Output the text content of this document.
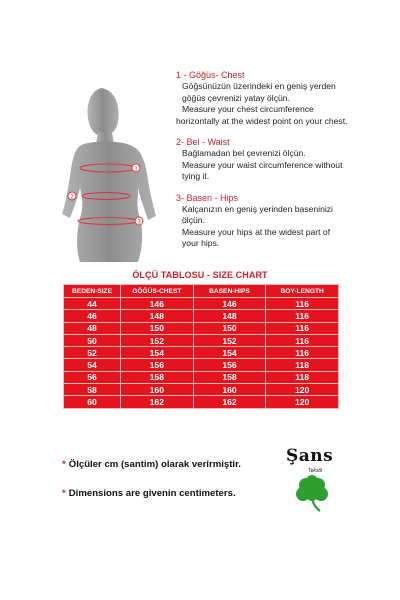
1
2
3
1 - Göğüs- Chest
Göğsünüzün üzerindeki en geniş yerden
göğüs çevrenizi yatay ölçün.
Measure your chest circumference
horizontally at the widest point on your chest.
2- Bel - Waist
Bağlamadan bel çevrenizi ölçün.
Measure your waist circumference without
tying it.
3- Basen - Hips
Kalçanızın en geniş yerinden baseninizi
ölçün.
Measure your hips at the widest part of
your hips.
ÖLÇÜ TABLOSU - SIZE CHART
BEDEN-SIZE	GÖĞÜS-CHEST	BASEN-HIPS	BOY-LENGTH
44	146	146	116
46	148	148	116
48	150	150	116
50	152	152	116
52	154	154	116
54	156	156	118
56	158	158	118
58	160	160	120
60	162	162	120
* Ölçüler cm (santim) olarak verirmiştir.
* Dimensions are givenin centimeters.
Şans
Tekstil
